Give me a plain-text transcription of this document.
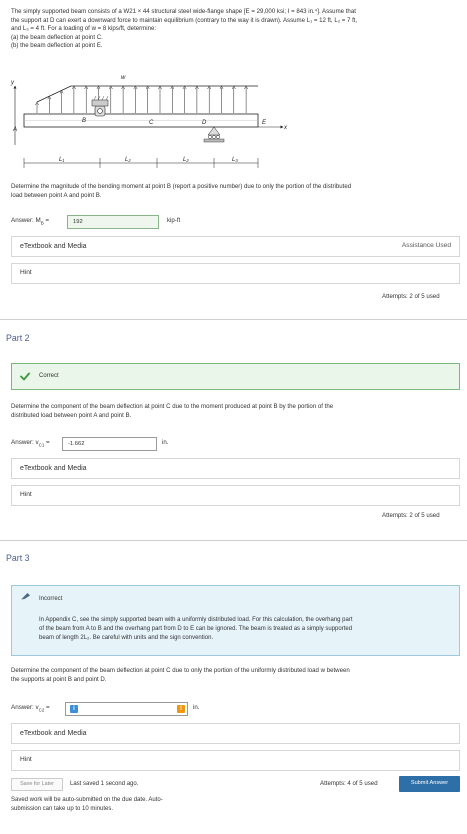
The simply supported beam consists of a W21 × 44 structural steel wide-flange shape [E = 29,000 ksi; I = 843 in.⁴]. Assume that
the support at D can exert a downward force to maintain equilibrium (contrary to the way it is drawn). Assume L₁ = 12 ft, L₂ = 7 ft,
and L₃ = 4 ft. For a loading of w = 8 kips/ft, determine:
(a) the beam deflection at point C.
(b) the beam deflection at point E.
y
x
w
A
B	C	D	E
L₁	L₂	L₂	L₃
Determine the magnitude of the bending moment at point B (report a positive number) due to only the portion of the distributed
load between point A and point B.
Answer: $M_B$ =	192	kip-ft
eTextbook and Media	Assistance Used
Hint
Attempts: 2 of 5 used
Part 2
Correct
Determine the component of the beam deflection at point C due to the moment produced at point B by the portion of the
distributed load between point A and point B.
Answer: $v_{C1}$ =	-1.662	in.
eTextbook and Media
Hint
Attempts: 2 of 5 used
Part 3
Incorrect
In Appendix C, see the simply supported beam with a uniformly distributed load. For this calculation, the overhang part
of the beam from A to B and the overhang part from D to E can be ignored. The beam is treated as a simply supported
beam of length 2L₂. Be careful with units and the sign convention.
Determine the component of the beam deflection at point C due to only the portion of the uniformly distributed load w between
the supports at point B and point D.
Answer: $v_{C2}$ =	i	!	in.
eTextbook and Media
Hint
Save for Later	Last saved 1 second ago.
Saved work will be auto-submitted on the due date. Auto-
submission can take up to 10 minutes.
Attempts: 4 of 5 used	Submit Answer
